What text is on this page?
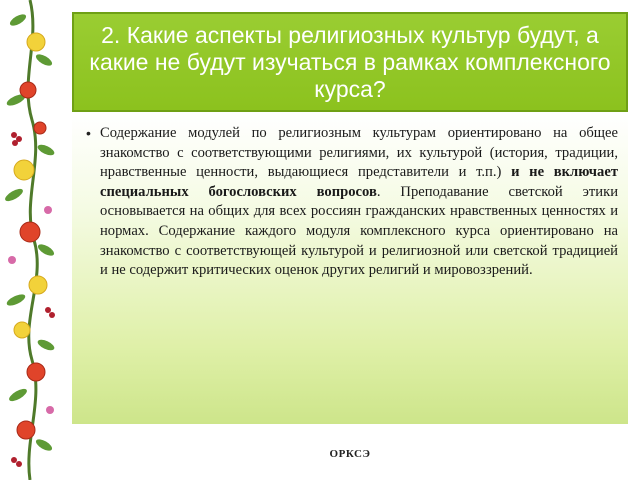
2. Какие аспекты религиозных культур будут, а какие не будут изучаться в рамках комплексного курса?
• Содержание модулей по религиозным культурам ориентировано на общее знакомство с соответствующими религиями, их культурой (история, традиции, нравственные ценности, выдающиеся представители и т.п.) и не включает специальных богословских вопросов. Преподавание светской этики основывается на общих для всех россиян гражданских нравственных ценностях и нормах. Содержание каждого модуля комплексного курса ориентировано на знакомство с соответствующей культурой и религиозной или светской традицией и не содержит критических оценок других религий и мировоззрений.

ОРКСЭ
